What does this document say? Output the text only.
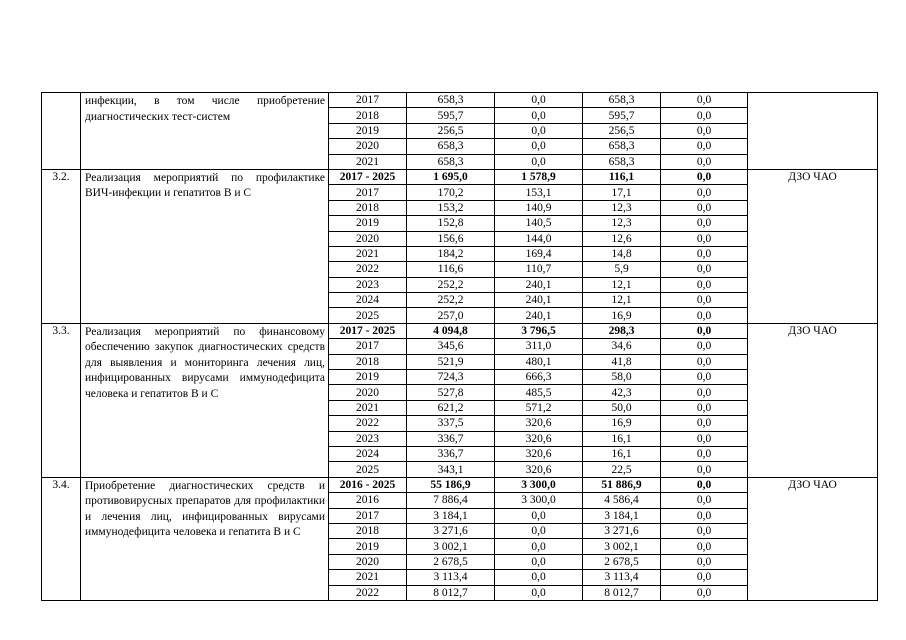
	инфекции, в том числе приобретение диагностических тест-систем	2017	658,3	0,0	658,3	0,0	
		2018	595,7	0,0	595,7	0,0	
		2019	256,5	0,0	256,5	0,0	
		2020	658,3	0,0	658,3	0,0	
		2021	658,3	0,0	658,3	0,0	
3.2.	Реализация мероприятий по профилактике ВИЧ-инфекции и гепатитов В и С	2017 - 2025	1 695,0	1 578,9	116,1	0,0	ДЗО ЧАО
		2017	170,2	153,1	17,1	0,0	
		2018	153,2	140,9	12,3	0,0	
		2019	152,8	140,5	12,3	0,0	
		2020	156,6	144,0	12,6	0,0	
		2021	184,2	169,4	14,8	0,0	
		2022	116,6	110,7	5,9	0,0	
		2023	252,2	240,1	12,1	0,0	
		2024	252,2	240,1	12,1	0,0	
		2025	257,0	240,1	16,9	0,0	
3.3.	Реализация мероприятий по финансовому обеспечению закупок диагностических средств для выявления и мониторинга лечения лиц, инфицированных вирусами иммунодефицита человека и гепатитов В и С	2017 - 2025	4 094,8	3 796,5	298,3	0,0	ДЗО ЧАО
		2017	345,6	311,0	34,6	0,0	
		2018	521,9	480,1	41,8	0,0	
		2019	724,3	666,3	58,0	0,0	
		2020	527,8	485,5	42,3	0,0	
		2021	621,2	571,2	50,0	0,0	
		2022	337,5	320,6	16,9	0,0	
		2023	336,7	320,6	16,1	0,0	
		2024	336,7	320,6	16,1	0,0	
		2025	343,1	320,6	22,5	0,0	
3.4.	Приобретение диагностических средств и противовирусных препаратов для профилактики и лечения лиц, инфицированных вирусами иммунодефицита человека и гепатита В и С	2016 - 2025	55 186,9	3 300,0	51 886,9	0,0	ДЗО ЧАО
		2016	7 886,4	3 300,0	4 586,4	0,0	
		2017	3 184,1	0,0	3 184,1	0,0	
		2018	3 271,6	0,0	3 271,6	0,0	
		2019	3 002,1	0,0	3 002,1	0,0	
		2020	2 678,5	0,0	2 678,5	0,0	
		2021	3 113,4	0,0	3 113,4	0,0	
		2022	8 012,7	0,0	8 012,7	0,0	
